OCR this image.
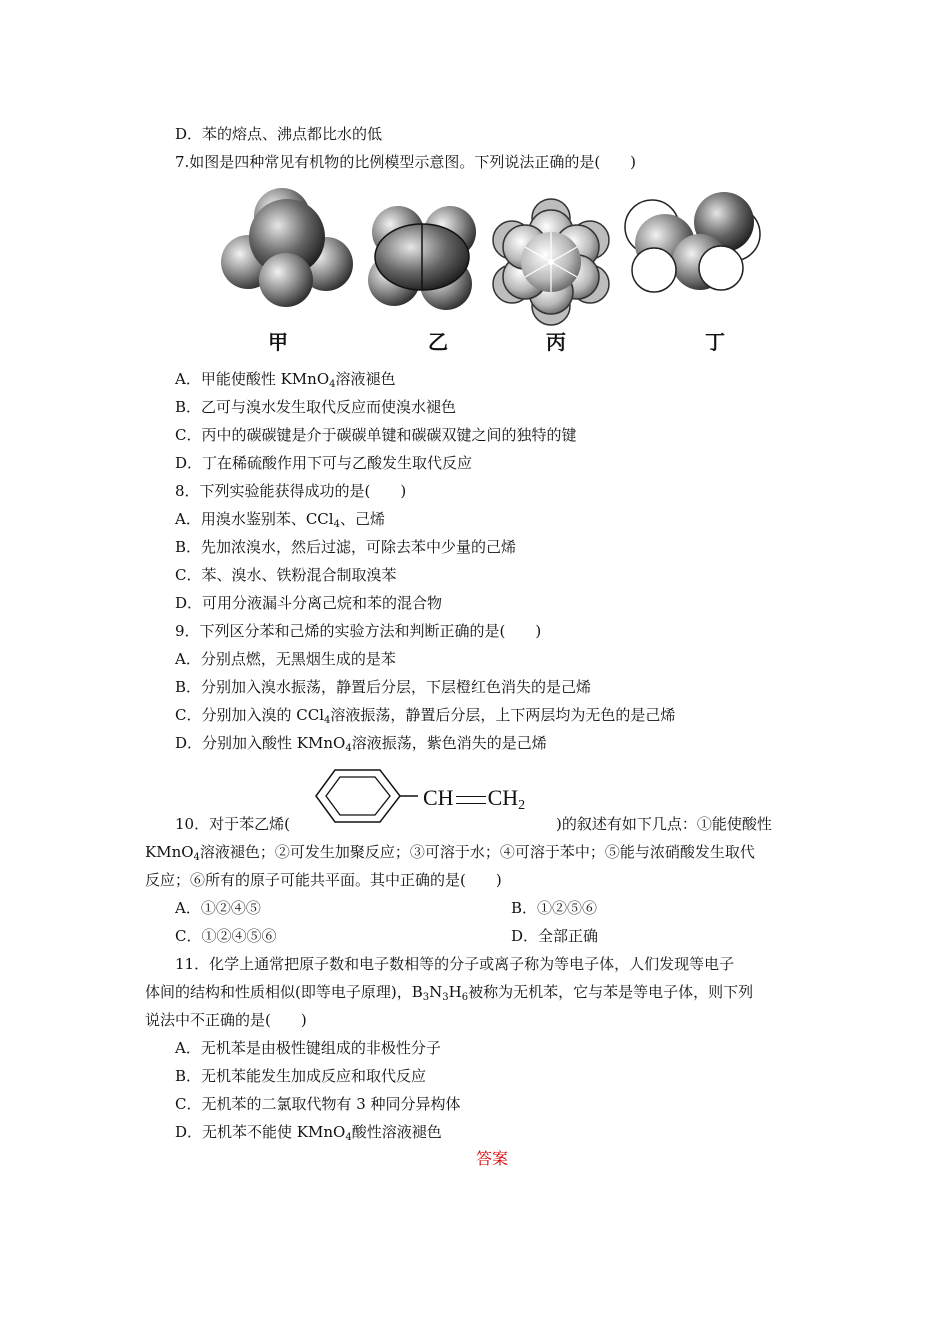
D．苯的熔点、沸点都比水的低
7.如图是四种常见有机物的比例模型示意图。下列说法正确的是(　　)
甲	乙	丙	丁
A．甲能使酸性 KMnO$_4$溶液褪色
B．乙可与溴水发生取代反应而使溴水褪色
C．丙中的碳碳键是介于碳碳单键和碳碳双键之间的独特的键
D．丁在稀硫酸作用下可与乙酸发生取代反应
8．下列实验能获得成功的是(　　)
A．用溴水鉴别苯、CCl$_4$、己烯
B．先加浓溴水，然后过滤，可除去苯中少量的己烯
C．苯、溴水、铁粉混合制取溴苯
D．可用分液漏斗分离己烷和苯的混合物
9．下列区分苯和己烯的实验方法和判断正确的是(　　)
A．分别点燃，无黑烟生成的是苯
B．分别加入溴水振荡，静置后分层，下层橙红色消失的是己烯
C．分别加入溴的 CCl$_4$溶液振荡，静置后分层，上下两层均为无色的是己烯
D．分别加入酸性 KMnO$_4$溶液振荡，紫色消失的是己烯
CH CH2
10．对于苯乙烯(	)的叙述有如下几点：①能使酸性
KMnO$_4$溶液褪色；②可发生加聚反应；③可溶于水；④可溶于苯中；⑤能与浓硝酸发生取代
反应；⑥所有的原子可能共平面。其中正确的是(　　)
A．①②④⑤	B．①②⑤⑥
C．①②④⑤⑥	D．全部正确
11．化学上通常把原子数和电子数相等的分子或离子称为等电子体，人们发现等电子
体间的结构和性质相似(即等电子原理)，$B_3N_3H_6$被称为无机苯，它与苯是等电子体，则下列
说法中不正确的是(　　)
A．无机苯是由极性键组成的非极性分子
B．无机苯能发生加成反应和取代反应
C．无机苯的二氯取代物有 3 种同分异构体
D．无机苯不能使 KMnO$_4$酸性溶液褪色
答案
